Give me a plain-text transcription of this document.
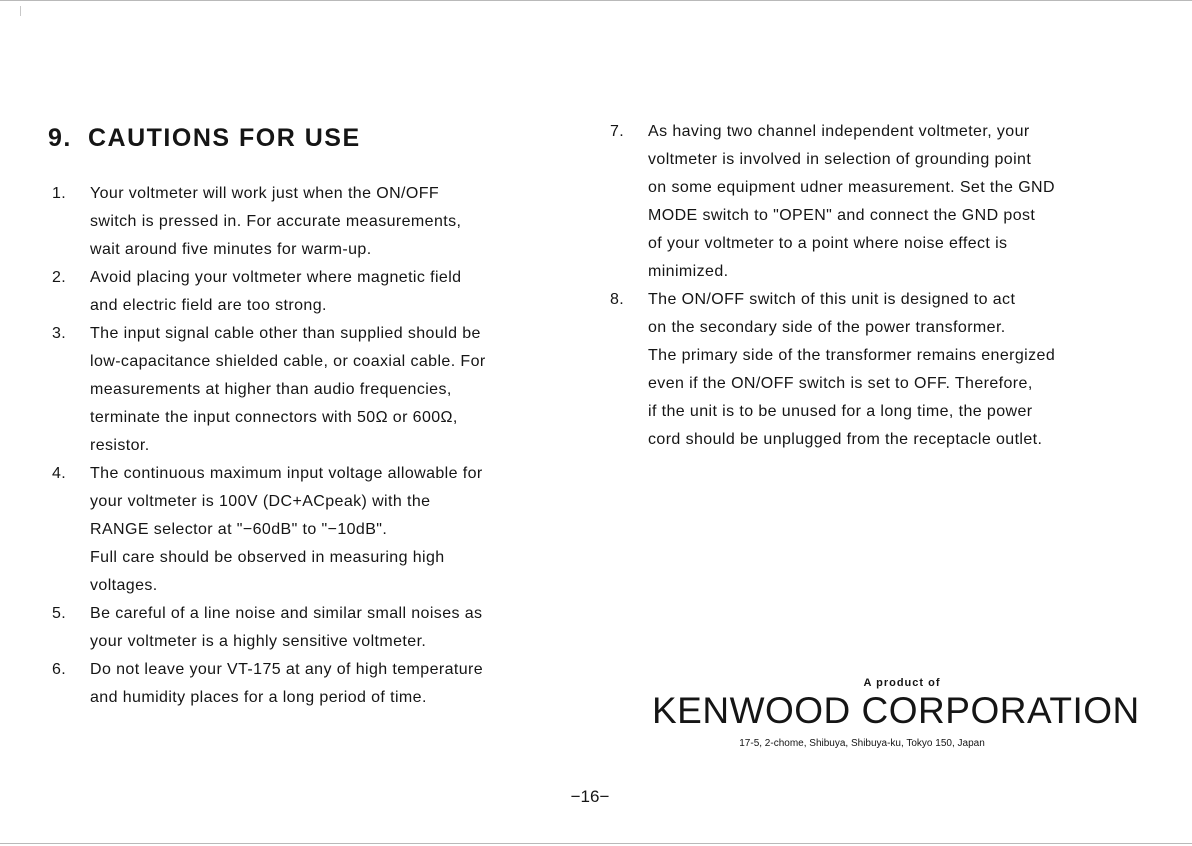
9. CAUTIONS FOR USE
1. Your voltmeter will work just when the ON/OFF
switch is pressed in. For accurate measurements,
wait around five minutes for warm-up.
2. Avoid placing your voltmeter where magnetic field
and electric field are too strong.
3. The input signal cable other than supplied should be
low-capacitance shielded cable, or coaxial cable. For
measurements at higher than audio frequencies,
terminate the input connectors with 50Ω or 600Ω,
resistor.
4. The continuous maximum input voltage allowable for
your voltmeter is 100V (DC+ACpeak) with the
RANGE selector at "−60dB" to "−10dB".
Full care should be observed in measuring high
voltages.
5. Be careful of a line noise and similar small noises as
your voltmeter is a highly sensitive voltmeter.
6. Do not leave your VT-175 at any of high temperature
and humidity places for a long period of time.
7. As having two channel independent voltmeter, your
voltmeter is involved in selection of grounding point
on some equipment udner measurement. Set the GND
MODE switch to "OPEN" and connect the GND post
of your voltmeter to a point where noise effect is
minimized.
8. The ON/OFF switch of this unit is designed to act
on the secondary side of the power transformer.
The primary side of the transformer remains energized
even if the ON/OFF switch is set to OFF. Therefore,
if the unit is to be unused for a long time, the power
cord should be unplugged from the receptacle outlet.
A product of
KENWOOD CORPORATION
17-5, 2-chome, Shibuya, Shibuya-ku, Tokyo 150, Japan
−16−
